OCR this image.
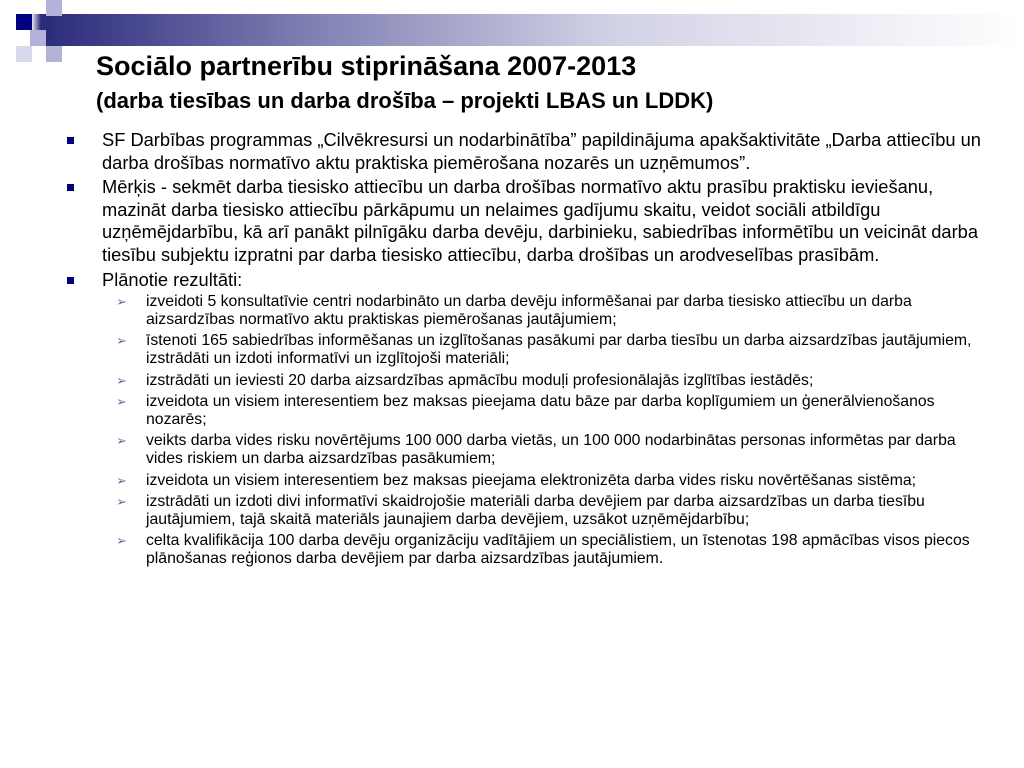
Sociālo partnerību stiprināšana 2007-2013
(darba tiesības un darba drošība – projekti LBAS un LDDK)
SF Darbības programmas „Cilvēkresursi un nodarbinātība” papildinājuma apakšaktivitāte „Darba attiecību un darba drošības normatīvo aktu praktiska piemērošana nozarēs un uzņēmumos”.
Mērķis - sekmēt darba tiesisko attiecību un darba drošības normatīvo aktu prasību praktisku ieviešanu, mazināt darba tiesisko attiecību pārkāpumu un nelaimes gadījumu skaitu, veidot sociāli atbildīgu uzņēmējdarbību, kā arī panākt pilnīgāku darba devēju, darbinieku, sabiedrības informētību un veicināt darba tiesību subjektu izpratni par darba tiesisko attiecību, darba drošības un arodveselības prasībām.
Plānotie rezultāti:
➢ izveidoti 5 konsultatīvie centri nodarbināto un darba devēju informēšanai par darba tiesisko attiecību un darba aizsardzības normatīvo aktu praktiskas piemērošanas jautājumiem;
➢ īstenoti 165 sabiedrības informēšanas un izglītošanas pasākumi par darba tiesību un darba aizsardzības jautājumiem, izstrādāti un izdoti informatīvi un izglītojoši materiāli;
➢ izstrādāti un ieviesti 20 darba aizsardzības apmācību moduļi profesionālajās izglītības iestādēs;
➢ izveidota un visiem interesentiem bez maksas pieejama datu bāze par darba koplīgumiem un ģenerālvienošanos nozarēs;
➢ veikts darba vides risku novērtējums 100 000 darba vietās, un 100 000 nodarbinātas personas informētas par darba vides riskiem un darba aizsardzības pasākumiem;
➢ izveidota un visiem interesentiem bez maksas pieejama elektronizēta darba vides risku novērtēšanas sistēma;
➢ izstrādāti un izdoti divi informatīvi skaidrojošie materiāli darba devējiem par darba aizsardzības un darba tiesību jautājumiem, tajā skaitā materiāls jaunajiem darba devējiem, uzsākot uzņēmējdarbību;
➢ celta kvalifikācija 100 darba devēju organizāciju vadītājiem un speciālistiem, un īstenotas 198 apmācības visos piecos plānošanas reģionos darba devējiem par darba aizsardzības jautājumiem.
